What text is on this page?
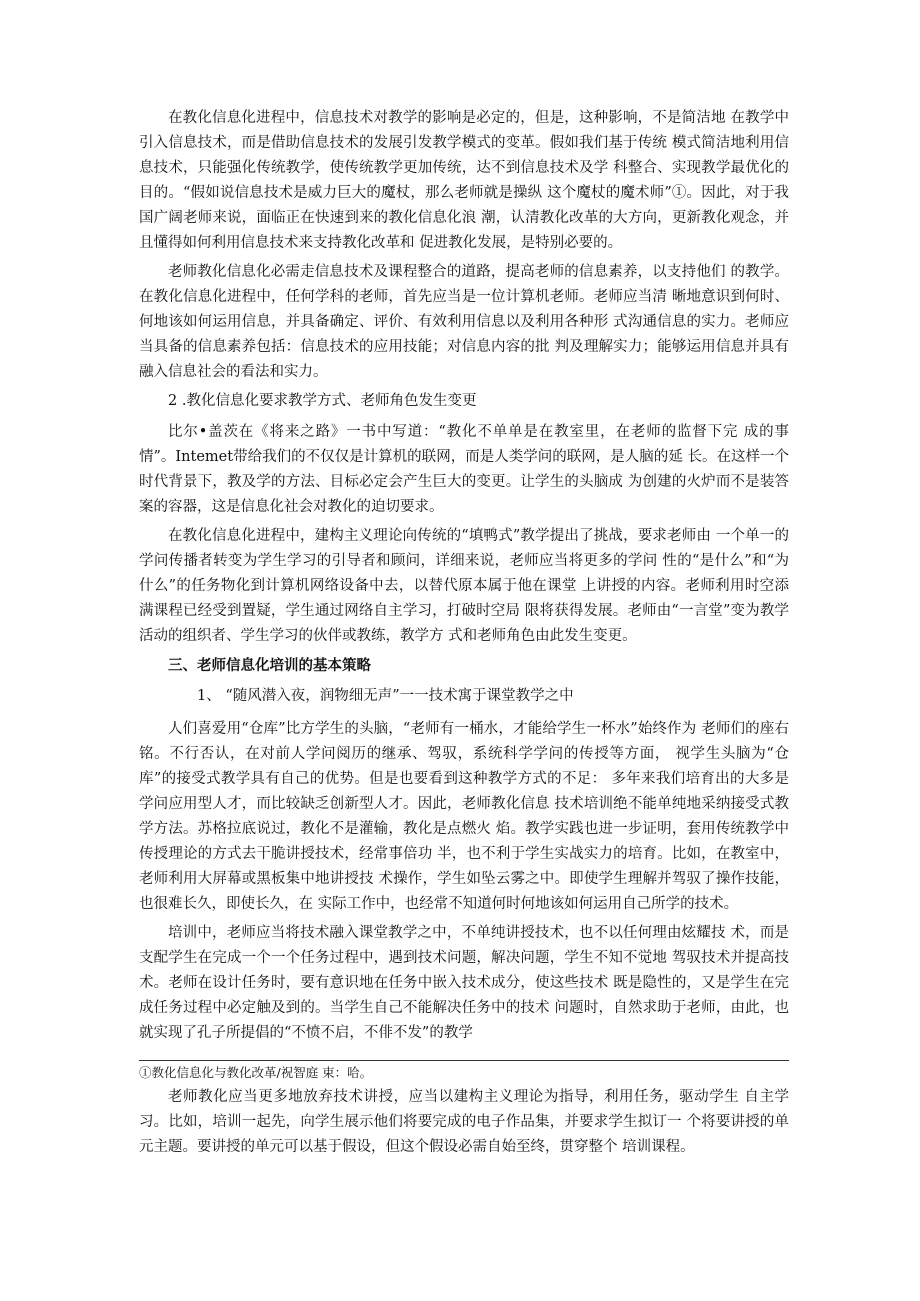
在教化信息化进程中，信息技术对教学的影响是必定的，但是，这种影响，不是简洁地 在教学中引入信息技术，而是借助信息技术的发展引发教学模式的变革。假如我们基于传统 模式简洁地利用信息技术，只能强化传统教学，使传统教学更加传统，达不到信息技术及学 科整合、实现教学最优化的目的。“假如说信息技术是威力巨大的魔杖，那么老师就是操纵 这个魔杖的魔术师”①。因此，对于我国广阔老师来说，面临正在快速到来的教化信息化浪 潮，认清教化改革的大方向，更新教化观念，并且懂得如何利用信息技术来支持教化改革和 促进教化发展，是特别必要的。

老师教化信息化必需走信息技术及课程整合的道路，提高老师的信息素养，以支持他们 的教学。在教化信息化进程中，任何学科的老师，首先应当是一位计算机老师。老师应当清 晰地意识到何时、何地该如何运用信息，并具备确定、评价、有效利用信息以及利用各种形 式沟通信息的实力。老师应当具备的信息素养包括：信息技术的应用技能；对信息内容的批 判及理解实力；能够运用信息并具有融入信息社会的看法和实力。

2 .教化信息化要求教学方式、老师角色发生变更

比尔•盖茨在《将来之路》一书中写道：“教化不单单是在教室里，在老师的监督下完 成的事情”。Intemet带给我们的不仅仅是计算机的联网，而是人类学问的联网，是人脑的延 长。在这样一个时代背景下，教及学的方法、目标必定会产生巨大的变更。让学生的头脑成 为创建的火炉而不是装答案的容器，这是信息化社会对教化的迫切要求。

在教化信息化进程中，建构主义理论向传统的“填鸭式”教学提出了挑战，要求老师由 一个单一的学问传播者转变为学生学习的引导者和顾问，详细来说，老师应当将更多的学问 性的“是什么”和“为什么”的任务物化到计算机网络设备中去，以替代原本属于他在课堂 上讲授的内容。老师利用时空添满课程已经受到置疑，学生通过网络自主学习，打破时空局 限将获得发展。老师由“一言堂”变为教学活动的组织者、学生学习的伙伴或教练，教学方 式和老师角色由此发生变更。

三、老师信息化培训的基本策略

1、 “随风潜入夜，润物细无声”一一技术寓于课堂教学之中

人们喜爱用“仓库”比方学生的头脑，“老师有一桶水，才能给学生一杯水”始终作为 老师们的座右铭。不行否认，在对前人学问阅历的继承、驾驭，系统科学学问的传授等方面， 视学生头脑为“仓库”的接受式教学具有自己的优势。但是也要看到这种教学方式的不足： 多年来我们培育出的大多是学问应用型人才，而比较缺乏创新型人才。因此，老师教化信息 技术培训绝不能单纯地采纳接受式教学方法。苏格拉底说过，教化不是灌输，教化是点燃火 焰。教学实践也进一步证明，套用传统教学中传授理论的方式去干脆讲授技术，经常事倍功 半，也不利于学生实战实力的培育。比如，在教室中，老师利用大屏幕或黑板集中地讲授技 术操作，学生如坠云雾之中。即使学生理解并驾驭了操作技能，也很难长久，即使长久，在 实际工作中，也经常不知道何时何地该如何运用自己所学的技术。

培训中，老师应当将技术融入课堂教学之中，不单纯讲授技术，也不以任何理由炫耀技 术，而是支配学生在完成一个一个任务过程中，遇到技术问题，解决问题，学生不知不觉地 驾驭技术并提高技术。老师在设计任务时，要有意识地在任务中嵌入技术成分，使这些技术 既是隐性的，又是学生在完成任务过程中必定触及到的。当学生自己不能解决任务中的技术 问题时，自然求助于老师，由此，也就实现了孔子所提倡的“不愤不启，不俳不发”的教学

①教化信息化与教化改革/祝智庭 束：哈。

老师教化应当更多地放弃技术讲授，应当以建构主义理论为指导，利用任务，驱动学生 自主学习。比如，培训一起先，向学生展示他们将要完成的电子作品集，并要求学生拟订一 个将要讲授的单元主题。要讲授的单元可以基于假设，但这个假设必需自始至终，贯穿整个 培训课程。
